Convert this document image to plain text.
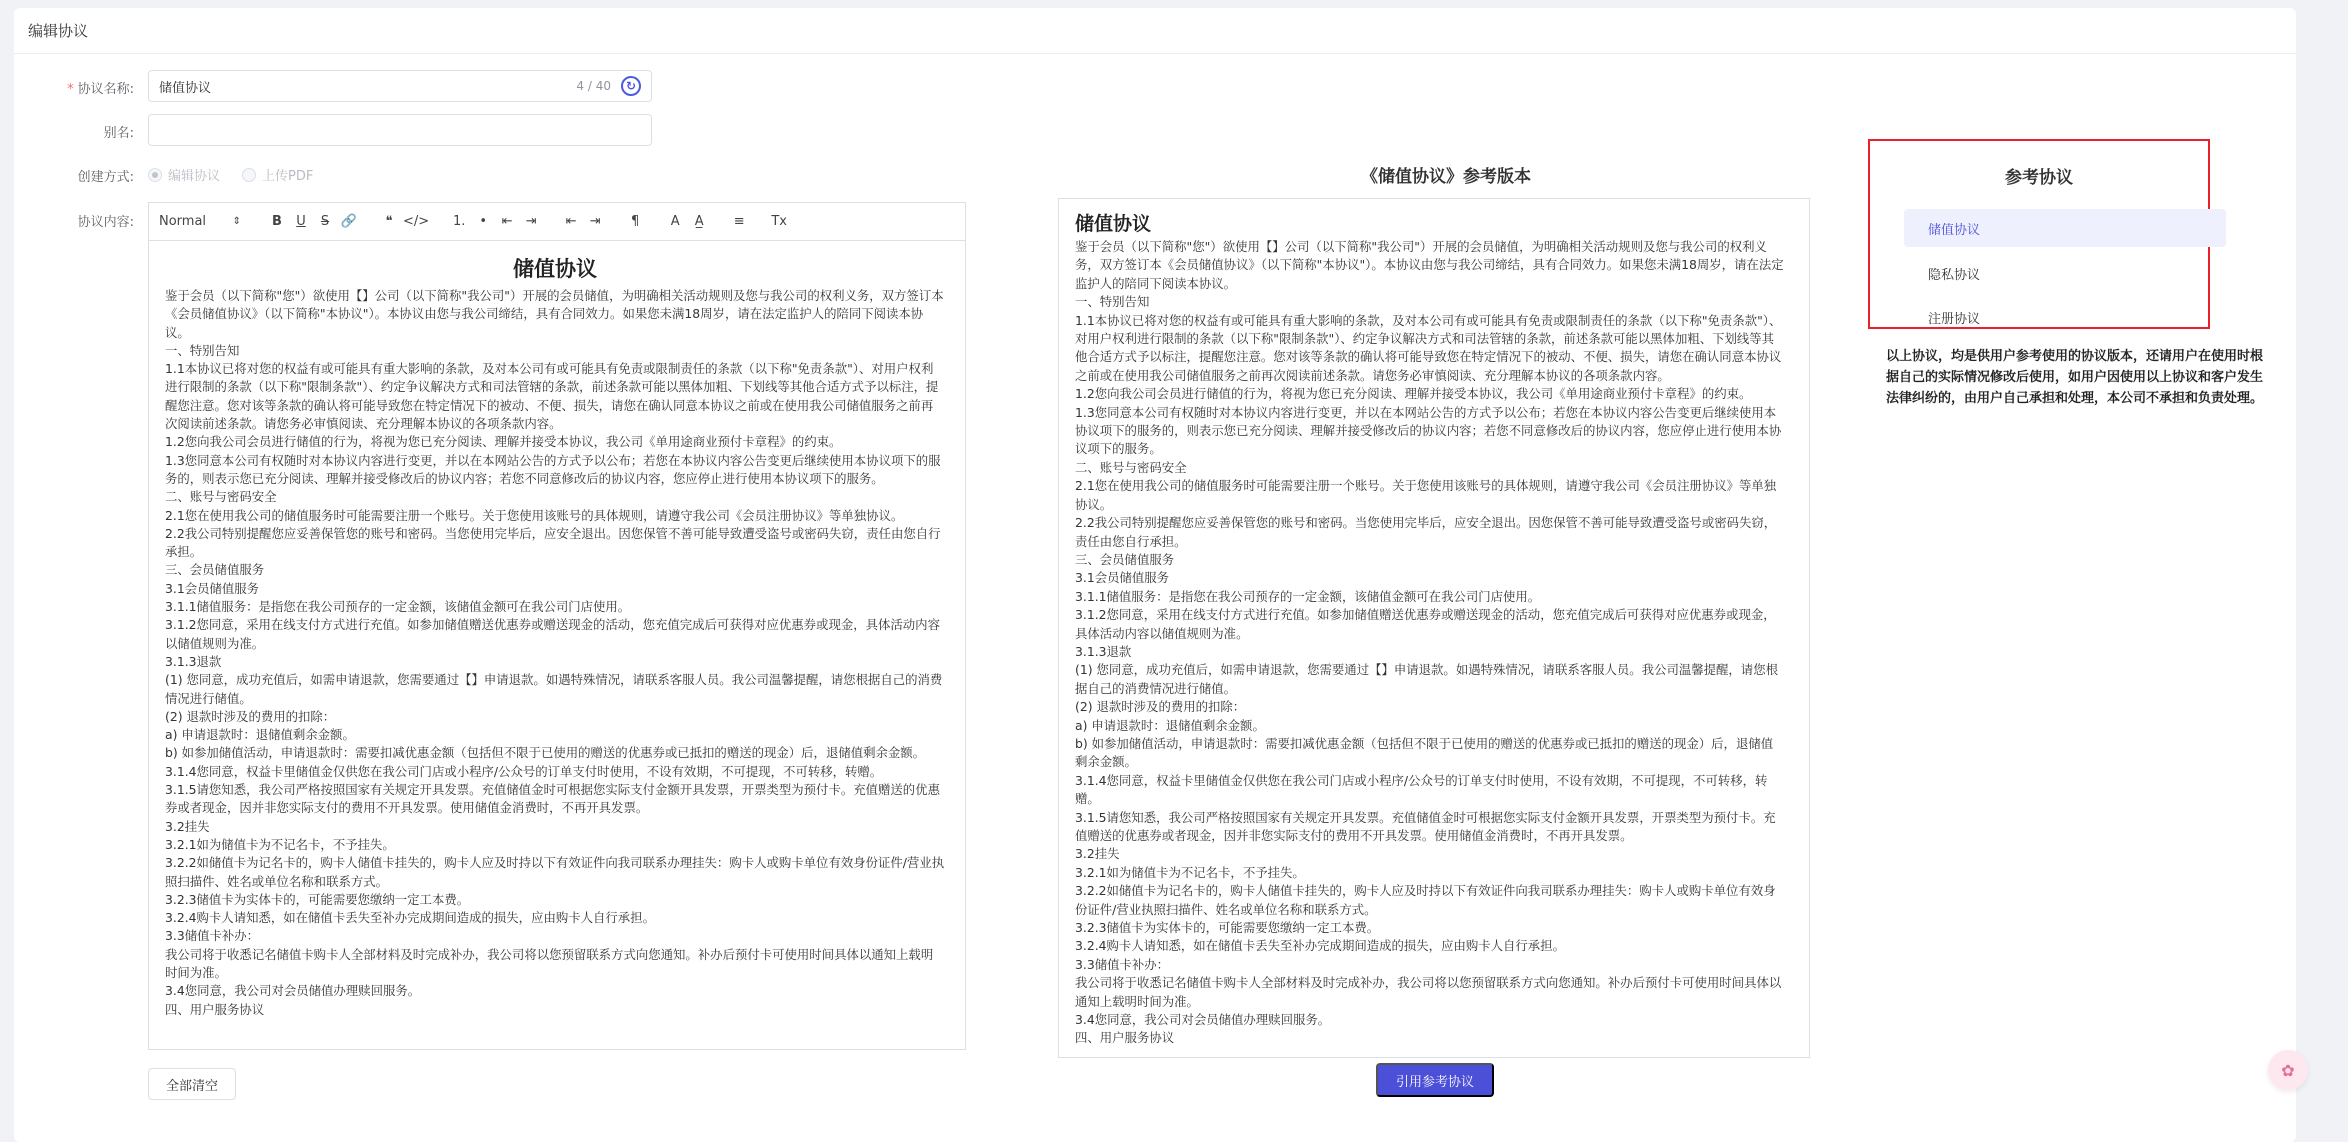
编辑协议
* 协议名称: 储值协议	4 / 40	↻
别名:
创建方式:	编辑协议	上传PDF
协议内容: Normal	⇕	B	U	S 🔗	❝ </> 1.	•	⇤	⇥	⇤	⇥	¶	A	A̲	≡	Tx
储值协议
鉴于会员（以下简称"您"）欲使用【】公司（以下简称"我公司"）开展的会员储值，为明确相关活动规则及您与我公司的权利义务，双方签订本《会员储值协议》（以下简称"本协议"）。本协议由您与我公司缔结，具有合同效力。如果您未满18周岁，请在法定监护人的陪同下阅读本协议。
一、特别告知
1.1本协议已将对您的权益有或可能具有重大影响的条款，及对本公司有或可能具有免责或限制责任的条款（以下称"免责条款"）、对用户权利进行限制的条款（以下称"限制条款"）、约定争议解决方式和司法管辖的条款，前述条款可能以黑体加粗、下划线等其他合适方式予以标注，提醒您注意。您对该等条款的确认将可能导致您在特定情况下的被动、不便、损失，请您在确认同意本协议之前或在使用我公司储值服务之前再次阅读前述条款。请您务必审慎阅读、充分理解本协议的各项条款内容。
1.2您向我公司会员进行储值的行为，将视为您已充分阅读、理解并接受本协议，我公司《单用途商业预付卡章程》的约束。
1.3您同意本公司有权随时对本协议内容进行变更，并以在本网站公告的方式予以公布；若您在本协议内容公告变更后继续使用本协议项下的服务的，则表示您已充分阅读、理解并接受修改后的协议内容；若您不同意修改后的协议内容，您应停止进行使用本协议项下的服务。
二、账号与密码安全
2.1您在使用我公司的储值服务时可能需要注册一个账号。关于您使用该账号的具体规则，请遵守我公司《会员注册协议》等单独协议。
2.2我公司特别提醒您应妥善保管您的账号和密码。当您使用完毕后，应安全退出。因您保管不善可能导致遭受盗号或密码失窃，责任由您自行承担。
三、会员储值服务
3.1会员储值服务
3.1.1储值服务：是指您在我公司预存的一定金额，该储值金额可在我公司门店使用。
3.1.2您同意，采用在线支付方式进行充值。如参加储值赠送优惠券或赠送现金的活动，您充值完成后可获得对应优惠券或现金，具体活动内容以储值规则为准。
3.1.3退款
(1) 您同意，成功充值后，如需申请退款，您需要通过【】申请退款。如遇特殊情况，请联系客服人员。我公司温馨提醒，请您根据自己的消费情况进行储值。
(2) 退款时涉及的费用的扣除：
a) 申请退款时：退储值剩余金额。
b) 如参加储值活动，申请退款时：需要扣减优惠金额（包括但不限于已使用的赠送的优惠券或已抵扣的赠送的现金）后，退储值剩余金额。
3.1.4您同意，权益卡里储值金仅供您在我公司门店或小程序/公众号的订单支付时使用，不设有效期，不可提现，不可转移，转赠。
3.1.5请您知悉，我公司严格按照国家有关规定开具发票。充值储值金时可根据您实际支付金额开具发票，开票类型为预付卡。充值赠送的优惠券或者现金，因并非您实际支付的费用不开具发票。使用储值金消费时，不再开具发票。
3.2挂失
3.2.1如为储值卡为不记名卡，不予挂失。
3.2.2如储值卡为记名卡的，购卡人储值卡挂失的，购卡人应及时持以下有效证件向我司联系办理挂失：购卡人或购卡单位有效身份证件/营业执照扫描件、姓名或单位名称和联系方式。
3.2.3储值卡为实体卡的，可能需要您缴纳一定工本费。
3.2.4购卡人请知悉，如在储值卡丢失至补办完成期间造成的损失，应由购卡人自行承担。
3.3储值卡补办：
我公司将于收悉记名储值卡购卡人全部材料及时完成补办，我公司将以您预留联系方式向您通知。补办后预付卡可使用时间具体以通知上载明时间为准。
3.4您同意，我公司对会员储值办理赎回服务。
四、用户服务协议
全部清空
《储值协议》参考版本
储值协议
鉴于会员（以下简称"您"）欲使用【】公司（以下简称"我公司"）开展的会员储值，为明确相关活动规则及您与我公司的权利义务，双方签订本《会员储值协议》（以下简称"本协议"）。本协议由您与我公司缔结，具有合同效力。如果您未满18周岁，请在法定监护人的陪同下阅读本协议。
一、特别告知
1.1本协议已将对您的权益有或可能具有重大影响的条款，及对本公司有或可能具有免责或限制责任的条款（以下称"免责条款"）、对用户权利进行限制的条款（以下称"限制条款"）、约定争议解决方式和司法管辖的条款，前述条款可能以黑体加粗、下划线等其他合适方式予以标注，提醒您注意。您对该等条款的确认将可能导致您在特定情况下的被动、不便、损失，请您在确认同意本协议之前或在使用我公司储值服务之前再次阅读前述条款。请您务必审慎阅读、充分理解本协议的各项条款内容。
1.2您向我公司会员进行储值的行为，将视为您已充分阅读、理解并接受本协议，我公司《单用途商业预付卡章程》的约束。
1.3您同意本公司有权随时对本协议内容进行变更，并以在本网站公告的方式予以公布；若您在本协议内容公告变更后继续使用本协议项下的服务的，则表示您已充分阅读、理解并接受修改后的协议内容；若您不同意修改后的协议内容，您应停止进行使用本协议项下的服务。
二、账号与密码安全
2.1您在使用我公司的储值服务时可能需要注册一个账号。关于您使用该账号的具体规则，请遵守我公司《会员注册协议》等单独协议。
2.2我公司特别提醒您应妥善保管您的账号和密码。当您使用完毕后，应安全退出。因您保管不善可能导致遭受盗号或密码失窃，责任由您自行承担。
三、会员储值服务
3.1会员储值服务
3.1.1储值服务：是指您在我公司预存的一定金额，该储值金额可在我公司门店使用。
3.1.2您同意，采用在线支付方式进行充值。如参加储值赠送优惠券或赠送现金的活动，您充值完成后可获得对应优惠券或现金，具体活动内容以储值规则为准。
3.1.3退款
(1) 您同意，成功充值后，如需申请退款，您需要通过【】申请退款。如遇特殊情况，请联系客服人员。我公司温馨提醒，请您根据自己的消费情况进行储值。
(2) 退款时涉及的费用的扣除：
a) 申请退款时：退储值剩余金额。
b) 如参加储值活动，申请退款时：需要扣减优惠金额（包括但不限于已使用的赠送的优惠券或已抵扣的赠送的现金）后，退储值剩余金额。
3.1.4您同意，权益卡里储值金仅供您在我公司门店或小程序/公众号的订单支付时使用，不设有效期，不可提现，不可转移，转赠。
3.1.5请您知悉，我公司严格按照国家有关规定开具发票。充值储值金时可根据您实际支付金额开具发票，开票类型为预付卡。充值赠送的优惠券或者现金，因并非您实际支付的费用不开具发票。使用储值金消费时，不再开具发票。
3.2挂失
3.2.1如为储值卡为不记名卡，不予挂失。
3.2.2如储值卡为记名卡的，购卡人储值卡挂失的，购卡人应及时持以下有效证件向我司联系办理挂失：购卡人或购卡单位有效身份证件/营业执照扫描件、姓名或单位名称和联系方式。
3.2.3储值卡为实体卡的，可能需要您缴纳一定工本费。
3.2.4购卡人请知悉，如在储值卡丢失至补办完成期间造成的损失，应由购卡人自行承担。
3.3储值卡补办：
我公司将于收悉记名储值卡购卡人全部材料及时完成补办，我公司将以您预留联系方式向您通知。补办后预付卡可使用时间具体以通知上载明时间为准。
3.4您同意，我公司对会员储值办理赎回服务。
四、用户服务协议
引用参考协议
参考协议
储值协议
隐私协议
注册协议
以上协议，均是供用户参考使用的协议版本，还请用户在使用时根据自己的实际情况修改后使用，如用户因使用以上协议和客户发生法律纠纷的，由用户自己承担和处理，本公司不承担和负责处理。
✿
